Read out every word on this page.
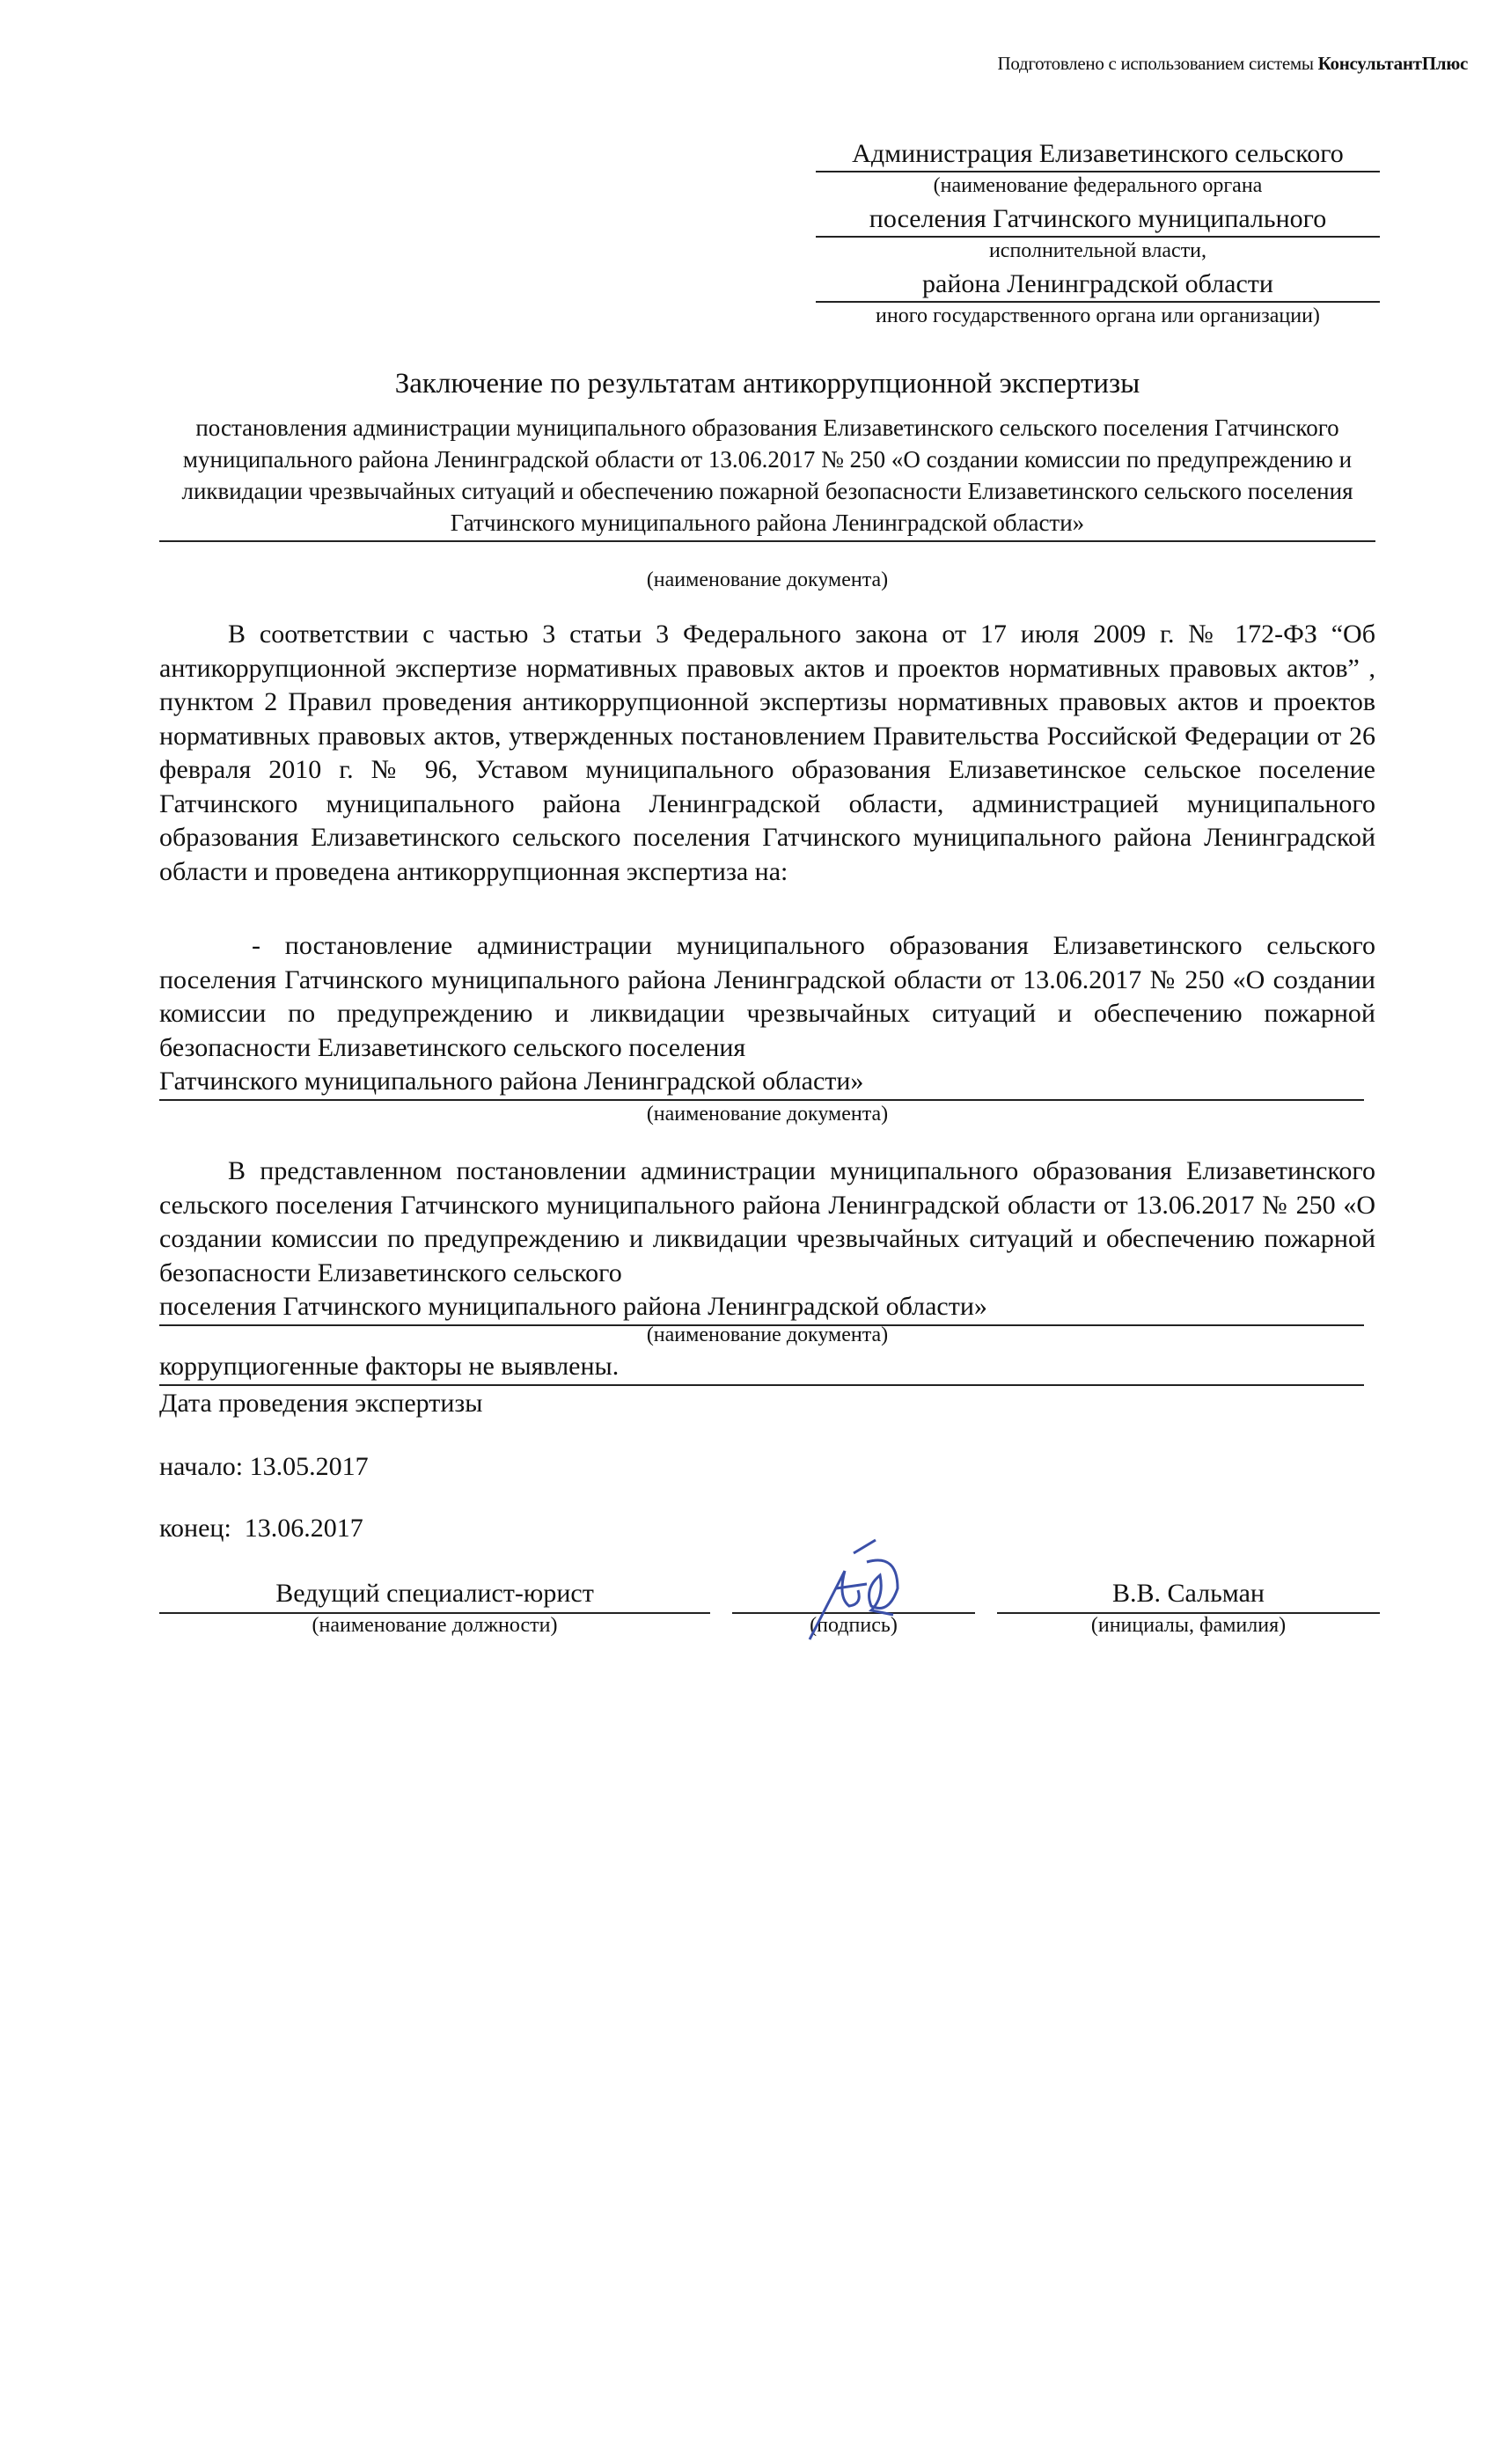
Подготовлено с использованием системы КонсультантПлюс
Администрация Елизаветинского сельского
(наименование федерального органа
поселения Гатчинского муниципального
исполнительной власти,
района Ленинградской области
иного государственного органа или организации)
Заключение по результатам антикоррупционной экспертизы
постановления администрации муниципального образования Елизаветинского сельского поселения Гатчинского муниципального района Ленинградской области от 13.06.2017 № 250 «О создании комиссии по предупреждению и ликвидации чрезвычайных ситуаций и обеспечению пожарной безопасности Елизаветинского сельского поселения Гатчинского муниципального района Ленинградской области»
(наименование документа)
В соответствии с частью 3 статьи 3 Федерального закона от 17 июля 2009 г. № 172-ФЗ “Об антикоррупционной экспертизе нормативных правовых актов и проектов нормативных правовых актов” , пунктом 2 Правил проведения антикоррупционной экспертизы нормативных правовых актов и проектов нормативных правовых актов, утвержденных постановлением Правительства Российской Федерации от 26 февраля 2010 г. № 96, Уставом муниципального образования Елизаветинское сельское поселение Гатчинского муниципального района Ленинградской области, администрацией муниципального образования Елизаветинского сельского поселения Гатчинского муниципального района Ленинградской области и проведена антикоррупционная экспертиза на:
- постановление администрации муниципального образования Елизаветинского сельского поселения Гатчинского муниципального района Ленинградской области от 13.06.2017 № 250 «О создании комиссии по предупреждению и ликвидации чрезвычайных ситуаций и обеспечению пожарной безопасности Елизаветинского сельского поселения
Гатчинского муниципального района Ленинградской области»
(наименование документа)
В представленном постановлении администрации муниципального образования Елизаветинского сельского поселения Гатчинского муниципального района Ленинградской области от 13.06.2017 № 250 «О создании комиссии по предупреждению и ликвидации чрезвычайных ситуаций и обеспечению пожарной безопасности Елизаветинского сельского
поселения Гатчинского муниципального района Ленинградской области»
(наименование документа)
коррупциогенные факторы не выявлены.
Дата проведения экспертизы
начало: 13.05.2017
конец:  13.06.2017
Ведущий специалист-юрист
(наименование должности)	(подпись)
В.В. Сальман
(инициалы, фамилия)
